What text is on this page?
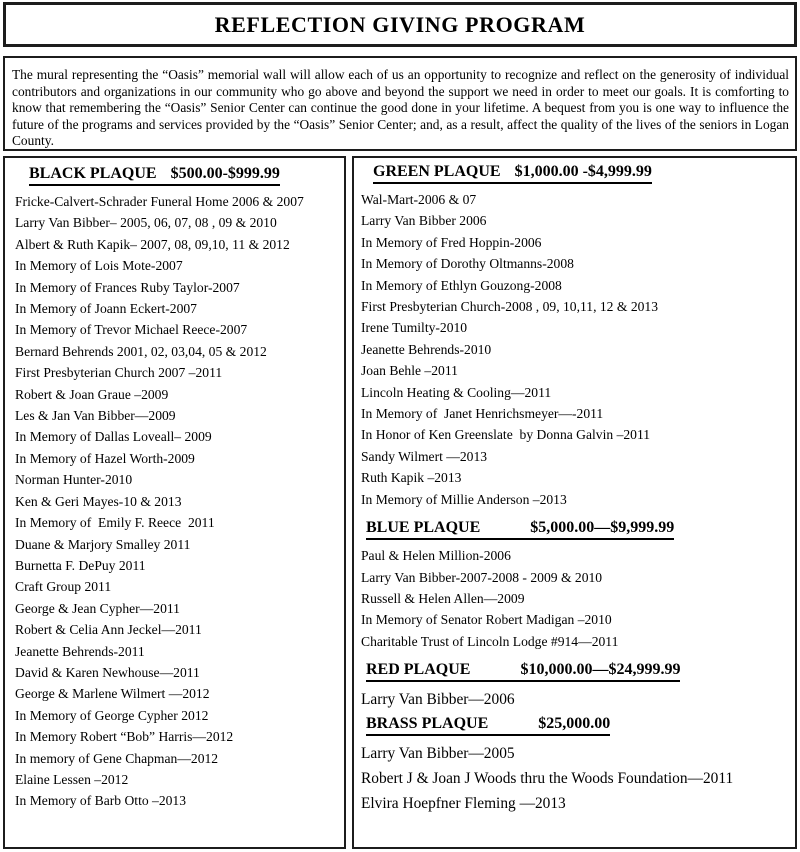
REFLECTION GIVING PROGRAM

The mural representing the “Oasis” memorial wall will allow each of us an opportunity to recognize and reflect on the generosity of individual contributors and organizations in our community who go above and beyond the support we need in order to meet our goals. It is comforting to know that remembering the “Oasis” Senior Center can continue the good done in your lifetime. A bequest from you is one way to influence the future of the programs and services provided by the “Oasis” Senior Center; and, as a result, affect the quality of the lives of the seniors in Logan County.

BLACK PLAQUE $500.00-$999.99
Fricke-Calvert-Schrader Funeral Home 2006 & 2007
Larry Van Bibber– 2005, 06, 07, 08 , 09 & 2010
Albert & Ruth Kapik– 2007, 08, 09,10, 11 & 2012
In Memory of Lois Mote-2007
In Memory of Frances Ruby Taylor-2007
In Memory of Joann Eckert-2007
In Memory of Trevor Michael Reece-2007
Bernard Behrends 2001, 02, 03,04, 05 & 2012
First Presbyterian Church 2007 –2011
Robert & Joan Graue –2009
Les & Jan Van Bibber—2009
In Memory of Dallas Loveall– 2009
In Memory of Hazel Worth-2009
Norman Hunter-2010
Ken & Geri Mayes-10 & 2013
In Memory of  Emily F. Reece  2011
Duane & Marjory Smalley 2011
Burnetta F. DePuy 2011
Craft Group 2011
George & Jean Cypher—2011
Robert & Celia Ann Jeckel—2011
Jeanette Behrends-2011
David & Karen Newhouse—2011
George & Marlene Wilmert —2012
In Memory of George Cypher 2012
In Memory Robert “Bob” Harris—2012
In memory of Gene Chapman—2012
Elaine Lessen –2012
In Memory of Barb Otto –2013
GREEN PLAQUE $1,000.00 -$4,999.99
Wal-Mart-2006 & 07
Larry Van Bibber 2006
In Memory of Fred Hoppin-2006
In Memory of Dorothy Oltmanns-2008
In Memory of Ethlyn Gouzong-2008
First Presbyterian Church-2008 , 09, 10,11, 12 & 2013
Irene Tumilty-2010
Jeanette Behrends-2010
Joan Behle –2011
Lincoln Heating & Cooling—2011
In Memory of  Janet Henrichsmeyer—-2011
In Honor of Ken Greenslate  by Donna Galvin –2011
Sandy Wilmert —2013
Ruth Kapik –2013
In Memory of Millie Anderson –2013
BLUE PLAQUE	$5,000.00—$9,999.99
Paul & Helen Million-2006
Larry Van Bibber-2007-2008 - 2009 & 2010
Russell & Helen Allen—2009
In Memory of Senator Robert Madigan –2010
Charitable Trust of Lincoln Lodge #914—2011
RED PLAQUE	$10,000.00—$24,999.99
Larry Van Bibber—2006
BRASS PLAQUE	$25,000.00
Larry Van Bibber—2005
Robert J & Joan J Woods thru the Woods Foundation—2011
Elvira Hoepfner Fleming —2013
